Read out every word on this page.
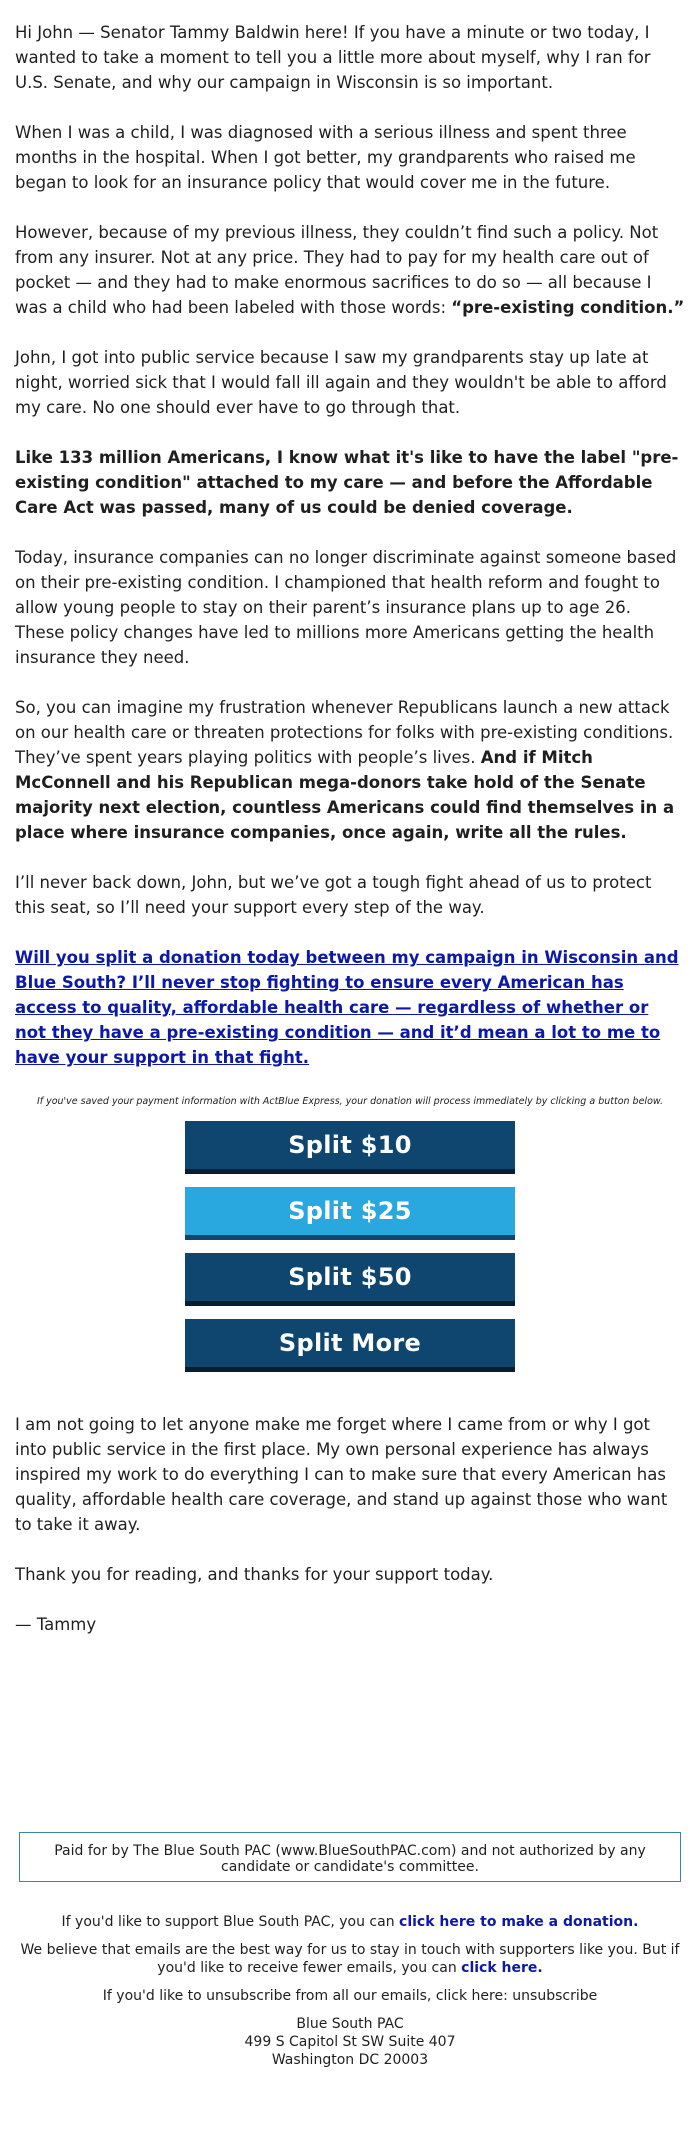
Hi John — Senator Tammy Baldwin here! If you have a minute or two today, I wanted to take a moment to tell you a little more about myself, why I ran for U.S. Senate, and why our campaign in Wisconsin is so important.

When I was a child, I was diagnosed with a serious illness and spent three months in the hospital. When I got better, my grandparents who raised me began to look for an insurance policy that would cover me in the future.

However, because of my previous illness, they couldn’t find such a policy. Not from any insurer. Not at any price. They had to pay for my health care out of pocket — and they had to make enormous sacrifices to do so — all because I was a child who had been labeled with those words: “pre-existing condition.”

John, I got into public service because I saw my grandparents stay up late at night, worried sick that I would fall ill again and they wouldn't be able to afford my care. No one should ever have to go through that.

Like 133 million Americans, I know what it's like to have the label "pre-existing condition" attached to my care — and before the Affordable Care Act was passed, many of us could be denied coverage.

Today, insurance companies can no longer discriminate against someone based on their pre-existing condition. I championed that health reform and fought to allow young people to stay on their parent’s insurance plans up to age 26. These policy changes have led to millions more Americans getting the health insurance they need.

So, you can imagine my frustration whenever Republicans launch a new attack on our health care or threaten protections for folks with pre-existing conditions. They’ve spent years playing politics with people’s lives. And if Mitch McConnell and his Republican mega-donors take hold of the Senate majority next election, countless Americans could find themselves in a place where insurance companies, once again, write all the rules.

I’ll never back down, John, but we’ve got a tough fight ahead of us to protect this seat, so I’ll need your support every step of the way.

Will you split a donation today between my campaign in Wisconsin and Blue South? I’ll never stop fighting to ensure every American has access to quality, affordable health care — regardless of whether or not they have a pre-existing condition — and it’d mean a lot to me to have your support in that fight.

If you've saved your payment information with ActBlue Express, your donation will process immediately by clicking a button below.
Split $10
Split $25
Split $50
Split More

I am not going to let anyone make me forget where I came from or why I got into public service in the first place. My own personal experience has always inspired my work to do everything I can to make sure that every American has quality, affordable health care coverage, and stand up against those who want to take it away.

Thank you for reading, and thanks for your support today.

— Tammy

Paid for by The Blue South PAC (www.BlueSouthPAC.com) and not authorized by any candidate or candidate's committee.

If you'd like to support Blue South PAC, you can click here to make a donation.

We believe that emails are the best way for us to stay in touch with supporters like you. But if you'd like to receive fewer emails, you can click here.

If you'd like to unsubscribe from all our emails, click here: unsubscribe

Blue South PAC
499 S Capitol St SW Suite 407
Washington DC 20003
